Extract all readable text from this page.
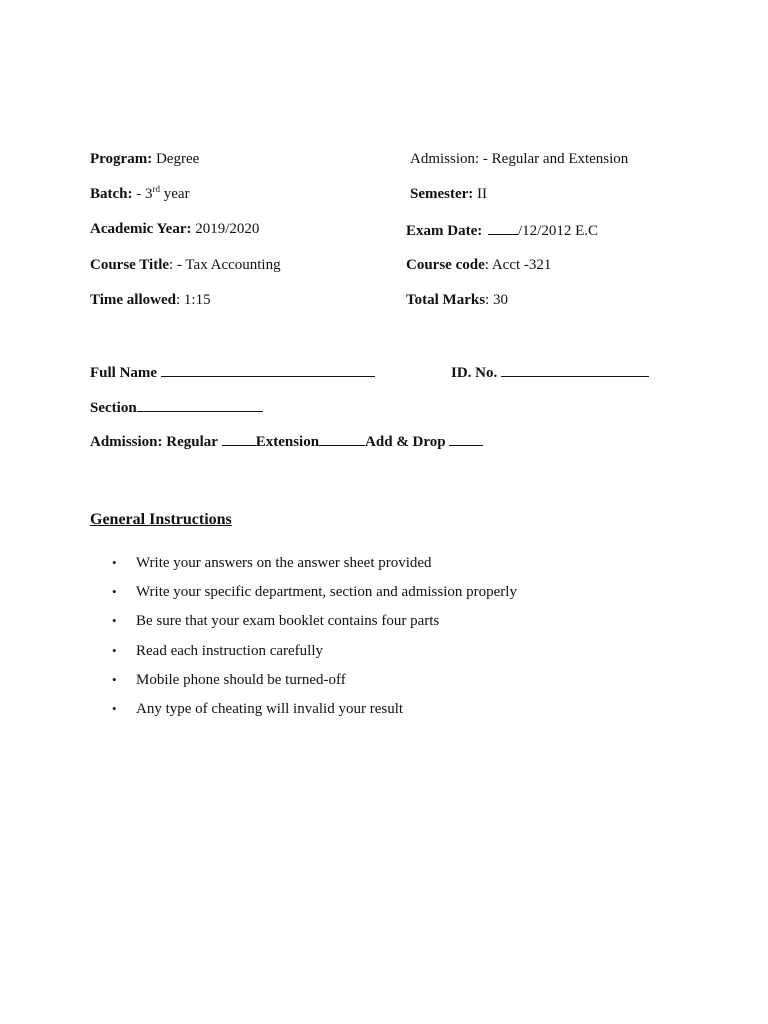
Program: Degree	Admission: - Regular and Extension
Batch: - 3rd year	Semester: II
Academic Year: 2019/2020	Exam Date: /12/2012 E.C
Course Title: - Tax Accounting	Course code: Acct -321
Time allowed: 1:15	Total Marks: 30
Full Name	ID. No.
Section
Admission: Regular	Extension	Add & Drop
General Instructions
• Write your answers on the answer sheet provided
• Write your specific department, section and admission properly
• Be sure that your exam booklet contains four parts
• Read each instruction carefully
• Mobile phone should be turned-off
• Any type of cheating will invalid your result
